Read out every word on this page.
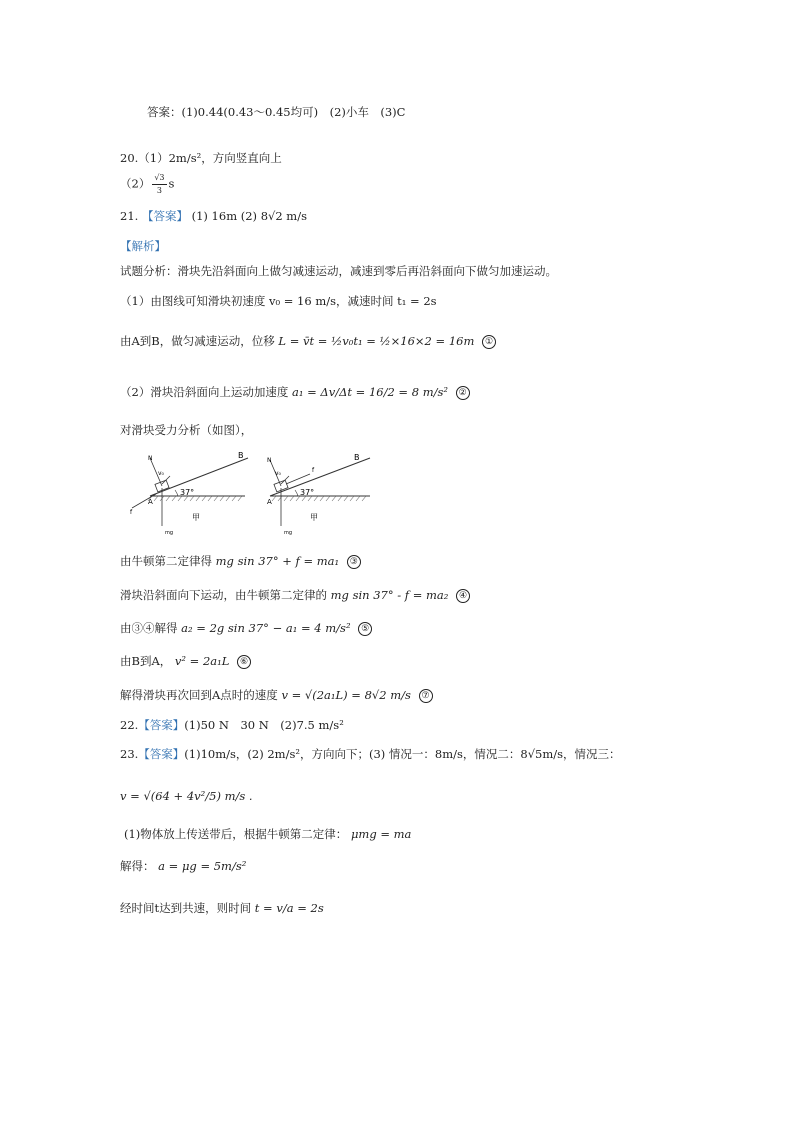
答案：(1)0.44(0.43～0.45均可)　(2)小车　(3)C
20.（1）2m/s²，方向竖直向上
$(2) \frac{√3}{3}$ s
21. 【答案】 (1) 16m (2) 8√2 m/s
【解析】
试题分析：滑块先沿斜面向上做匀减速运动，减速到零后再沿斜面向下做匀加速运动。
（1）由图线可知滑块初速度 v₀ = 16 m/s，减速时间 t₁ = 2s
由A到B，做匀减速运动，位移 L = v̄t = ½v₀t₁ = ½×16×2 = 16m ①
（2）滑块沿斜面向上运动加速度 a₁ = Δv/Δt = 16/2 = 8 m/s² ②
对滑块受力分析（如图），
B
A
N
v₀
f
mg
37°
甲
B
A
N
v₀	f
mg
37°
甲
由牛顿第二定律得 mg sin 37° + f = ma₁ ③
滑块沿斜面向下运动，由牛顿第二定律的 mg sin 37° - f = ma₂ ④
由③④解得 a₂ = 2g sin 37° − a₁ = 4 m/s² ⑤
由B到A， v² = 2a₁L ⑥
解得滑块再次回到A点时的速度 v = √(2a₁L) = 8√2 m/s ⑦
22.【答案】(1)50 N　30 N　(2)7.5 m/s²
23.【答案】(1)10m/s，(2) 2m/s²，方向向下；(3) 情况一：8m/s，情况二：8√5m/s，情况三：
v = √(64 + 4v²/5) m/s .
(1)物体放上传送带后，根据牛顿第二定律： μmg = ma
解得： a = μg = 5m/s²
经时间t达到共速，则时间 t = v/a = 2s
